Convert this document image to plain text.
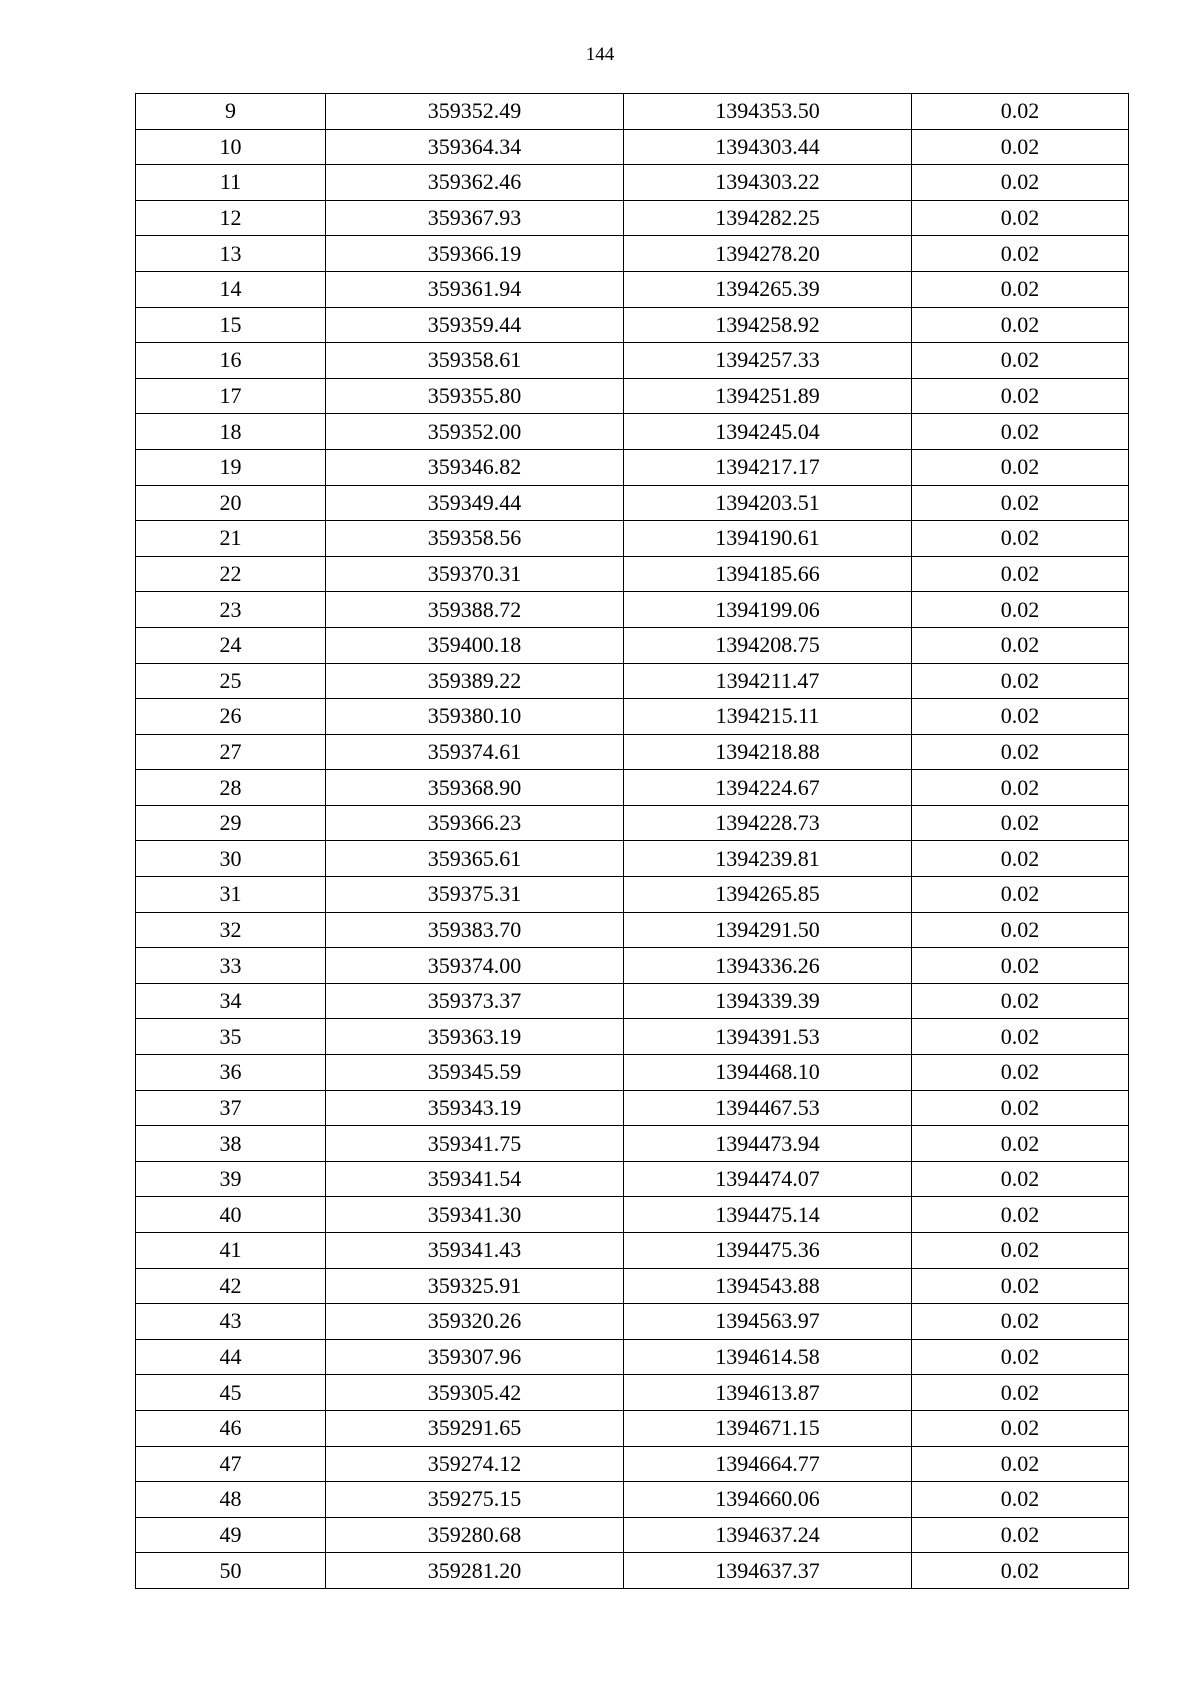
144
9	359352.49	1394353.50	0.02
10	359364.34	1394303.44	0.02
11	359362.46	1394303.22	0.02
12	359367.93	1394282.25	0.02
13	359366.19	1394278.20	0.02
14	359361.94	1394265.39	0.02
15	359359.44	1394258.92	0.02
16	359358.61	1394257.33	0.02
17	359355.80	1394251.89	0.02
18	359352.00	1394245.04	0.02
19	359346.82	1394217.17	0.02
20	359349.44	1394203.51	0.02
21	359358.56	1394190.61	0.02
22	359370.31	1394185.66	0.02
23	359388.72	1394199.06	0.02
24	359400.18	1394208.75	0.02
25	359389.22	1394211.47	0.02
26	359380.10	1394215.11	0.02
27	359374.61	1394218.88	0.02
28	359368.90	1394224.67	0.02
29	359366.23	1394228.73	0.02
30	359365.61	1394239.81	0.02
31	359375.31	1394265.85	0.02
32	359383.70	1394291.50	0.02
33	359374.00	1394336.26	0.02
34	359373.37	1394339.39	0.02
35	359363.19	1394391.53	0.02
36	359345.59	1394468.10	0.02
37	359343.19	1394467.53	0.02
38	359341.75	1394473.94	0.02
39	359341.54	1394474.07	0.02
40	359341.30	1394475.14	0.02
41	359341.43	1394475.36	0.02
42	359325.91	1394543.88	0.02
43	359320.26	1394563.97	0.02
44	359307.96	1394614.58	0.02
45	359305.42	1394613.87	0.02
46	359291.65	1394671.15	0.02
47	359274.12	1394664.77	0.02
48	359275.15	1394660.06	0.02
49	359280.68	1394637.24	0.02
50	359281.20	1394637.37	0.02
